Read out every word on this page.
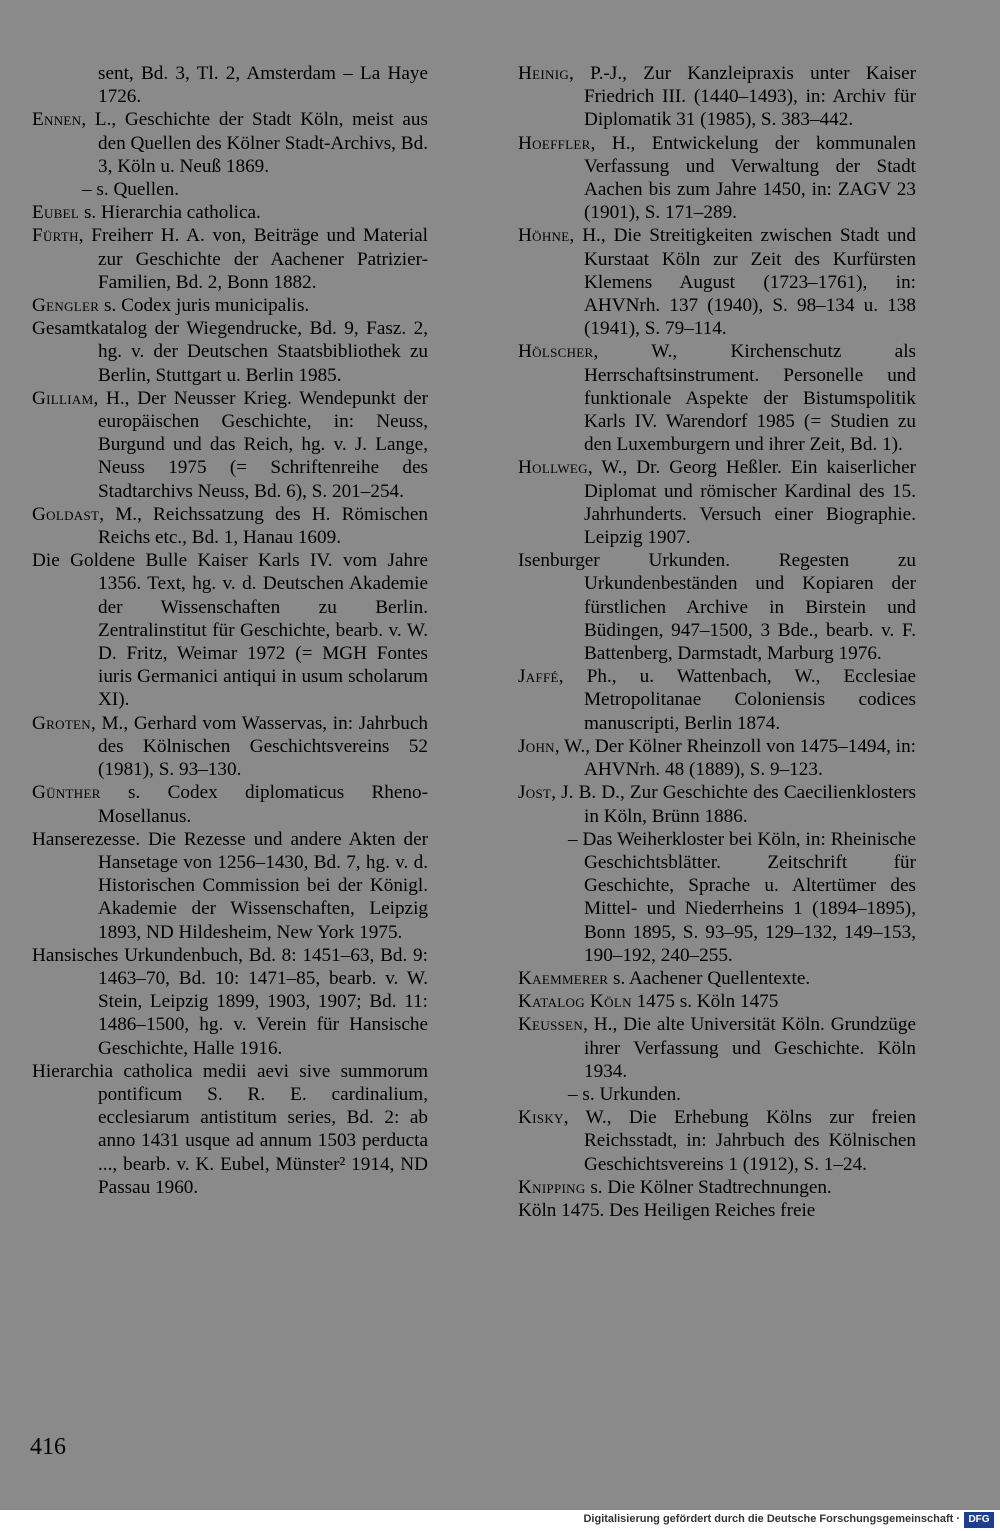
sent, Bd. 3, Tl. 2, Amsterdam – La Haye 1726.

Ennen, L., Geschichte der Stadt Köln, meist aus den Quellen des Kölner Stadt-Archivs, Bd. 3, Köln u. Neuß 1869.

– s. Quellen.

Eubel s. Hierarchia catholica.

Fürth, Freiherr H. A. von, Beiträge und Material zur Geschichte der Aachener Patrizier-Familien, Bd. 2, Bonn 1882.

Gengler s. Codex juris municipalis.

Gesamtkatalog der Wiegendrucke, Bd. 9, Fasz. 2, hg. v. der Deutschen Staatsbibliothek zu Berlin, Stuttgart u. Berlin 1985.

Gilliam, H., Der Neusser Krieg. Wendepunkt der europäischen Geschichte, in: Neuss, Burgund und das Reich, hg. v. J. Lange, Neuss 1975 (= Schriftenreihe des Stadtarchivs Neuss, Bd. 6), S. 201–254.

Goldast, M., Reichssatzung des H. Römischen Reichs etc., Bd. 1, Hanau 1609.

Die Goldene Bulle Kaiser Karls IV. vom Jahre 1356. Text, hg. v. d. Deutschen Akademie der Wissenschaften zu Berlin. Zentralinstitut für Geschichte, bearb. v. W. D. Fritz, Weimar 1972 (= MGH Fontes iuris Germanici antiqui in usum scholarum XI).

Groten, M., Gerhard vom Wasservas, in: Jahrbuch des Kölnischen Geschichtsvereins 52 (1981), S. 93–130.

Günther s. Codex diplomaticus Rheno-Mosellanus.

Hanserezesse. Die Rezesse und andere Akten der Hansetage von 1256–1430, Bd. 7, hg. v. d. Historischen Commission bei der Königl. Akademie der Wissenschaften, Leipzig 1893, ND Hildesheim, New York 1975.

Hansisches Urkundenbuch, Bd. 8: 1451–63, Bd. 9: 1463–70, Bd. 10: 1471–85, bearb. v. W. Stein, Leipzig 1899, 1903, 1907; Bd. 11: 1486–1500, hg. v. Verein für Hansische Geschichte, Halle 1916.

Hierarchia catholica medii aevi sive summorum pontificum S. R. E. cardinalium, ecclesiarum antistitum series, Bd. 2: ab anno 1431 usque ad annum 1503 perducta ..., bearb. v. K. Eubel, Münster² 1914, ND Passau 1960.

Heinig, P.-J., Zur Kanzleipraxis unter Kaiser Friedrich III. (1440–1493), in: Archiv für Diplomatik 31 (1985), S. 383–442.

Hoeffler, H., Entwickelung der kommunalen Verfassung und Verwaltung der Stadt Aachen bis zum Jahre 1450, in: ZAGV 23 (1901), S. 171–289.

Höhne, H., Die Streitigkeiten zwischen Stadt und Kurstaat Köln zur Zeit des Kurfürsten Klemens August (1723–1761), in: AHVNrh. 137 (1940), S. 98–134 u. 138 (1941), S. 79–114.

Hölscher, W., Kirchenschutz als Herrschaftsinstrument. Personelle und funktionale Aspekte der Bistumspolitik Karls IV. Warendorf 1985 (= Studien zu den Luxemburgern und ihrer Zeit, Bd. 1).

Hollweg, W., Dr. Georg Heßler. Ein kaiserlicher Diplomat und römischer Kardinal des 15. Jahrhunderts. Versuch einer Biographie. Leipzig 1907.

Isenburger Urkunden. Regesten zu Urkundenbeständen und Kopiaren der fürstlichen Archive in Birstein und Büdingen, 947–1500, 3 Bde., bearb. v. F. Battenberg, Darmstadt, Marburg 1976.

Jaffé, Ph., u. Wattenbach, W., Ecclesiae Metropolitanae Coloniensis codices manuscripti, Berlin 1874.

John, W., Der Kölner Rheinzoll von 1475–1494, in: AHVNrh. 48 (1889), S. 9–123.

Jost, J. B. D., Zur Geschichte des Caecilienklosters in Köln, Brünn 1886.

– Das Weiherkloster bei Köln, in: Rheinische Geschichtsblätter. Zeitschrift für Geschichte, Sprache u. Altertümer des Mittel- und Niederrheins 1 (1894–1895), Bonn 1895, S. 93–95, 129–132, 149–153, 190–192, 240–255.

Kaemmerer s. Aachener Quellentexte.

Katalog Köln 1475 s. Köln 1475

Keussen, H., Die alte Universität Köln. Grundzüge ihrer Verfassung und Geschichte. Köln 1934.

– s. Urkunden.

Kisky, W., Die Erhebung Kölns zur freien Reichsstadt, in: Jahrbuch des Kölnischen Geschichtsvereins 1 (1912), S. 1–24.

Knipping s. Die Kölner Stadtrechnungen.

Köln 1475. Des Heiligen Reiches freie

416
Digitalisierung gefördert durch die Deutsche Forschungsgemeinschaft · DFG
